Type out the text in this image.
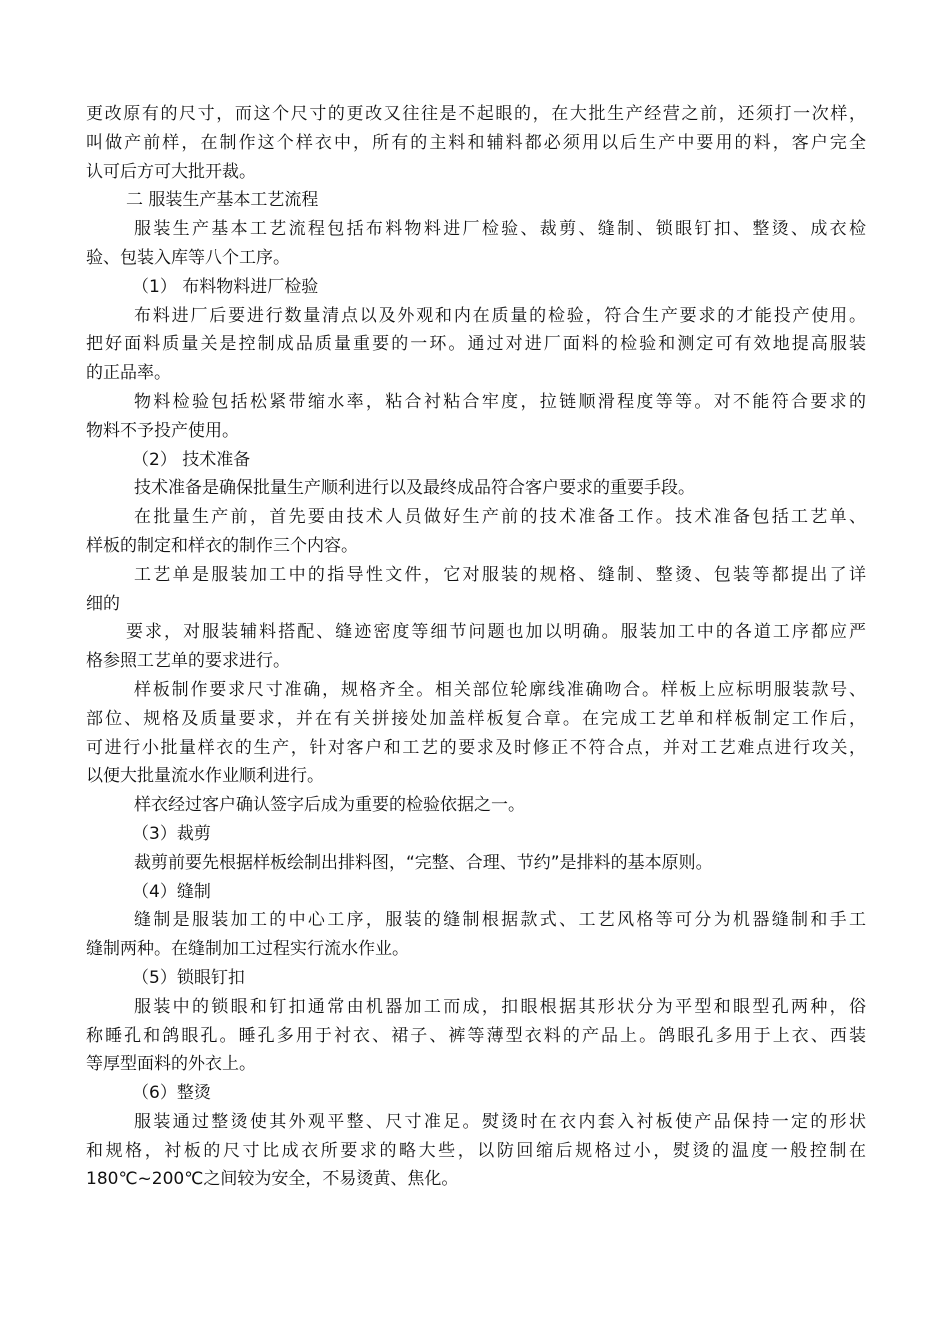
更改原有的尺寸，而这个尺寸的更改又往往是不起眼的，在大批生产经营之前，还须打一次样，
叫做产前样，在制作这个样衣中，所有的主料和辅料都必须用以后生产中要用的料，客户完全
认可后方可大批开裁。
二 服装生产基本工艺流程
服装生产基本工艺流程包括布料物料进厂检验、裁剪、缝制、锁眼钉扣、整烫、成衣检
验、包装入库等八个工序。
（1） 布料物料进厂检验
布料进厂后要进行数量清点以及外观和内在质量的检验，符合生产要求的才能投产使用。
把好面料质量关是控制成品质量重要的一环。通过对进厂面料的检验和测定可有效地提高服装
的正品率。
物料检验包括松紧带缩水率，粘合衬粘合牢度，拉链顺滑程度等等。对不能符合要求的
物料不予投产使用。
（2） 技术准备
技术准备是确保批量生产顺利进行以及最终成品符合客户要求的重要手段。
在批量生产前，首先要由技术人员做好生产前的技术准备工作。技术准备包括工艺单、
样板的制定和样衣的制作三个内容。
工艺单是服装加工中的指导性文件，它对服装的规格、缝制、整烫、包装等都提出了详
细的
要求，对服装辅料搭配、缝迹密度等细节问题也加以明确。服装加工中的各道工序都应严
格参照工艺单的要求进行。
样板制作要求尺寸准确，规格齐全。相关部位轮廓线准确吻合。样板上应标明服装款号、
部位、规格及质量要求，并在有关拼接处加盖样板复合章。在完成工艺单和样板制定工作后，
可进行小批量样衣的生产，针对客户和工艺的要求及时修正不符合点，并对工艺难点进行攻关，
以便大批量流水作业顺利进行。
样衣经过客户确认签字后成为重要的检验依据之一。
（3）裁剪
裁剪前要先根据样板绘制出排料图，“完整、合理、节约”是排料的基本原则。
（4）缝制
缝制是服装加工的中心工序，服装的缝制根据款式、工艺风格等可分为机器缝制和手工
缝制两种。在缝制加工过程实行流水作业。
（5）锁眼钉扣
服装中的锁眼和钉扣通常由机器加工而成，扣眼根据其形状分为平型和眼型孔两种，俗
称睡孔和鸽眼孔。睡孔多用于衬衣、裙子、裤等薄型衣料的产品上。鸽眼孔多用于上衣、西装
等厚型面料的外衣上。
（6）整烫
服装通过整烫使其外观平整、尺寸准足。熨烫时在衣内套入衬板使产品保持一定的形状
和规格，衬板的尺寸比成衣所要求的略大些，以防回缩后规格过小，熨烫的温度一般控制在
180℃~200℃之间较为安全，不易烫黄、焦化。
